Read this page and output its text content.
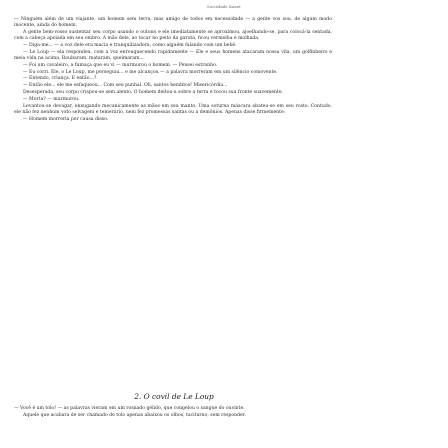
Sociedade Kanet

— Ninguém além de um viajante, um homem sem terra, mas amigo de todos em necessidade — a gente vos sou, de algum modo inocente, ainda do homem.

A gente bem-vosso sustentar seu corpo usando o outono e ele imediatamente se aproximou, ajoelhando-se, para colocá-la sentada, com a cabeça apoiada em seu ombro. A mão dele, ao tocar no peito da garota, ficou vermelha e molhada.

— Diga-me... — a voz dele era macia e tranquilizadora, como alguém falando com um bebê.

— Le Loup — ela respondeu, com a voz enrouquecendo rapidamente — Ele e seus homens atacaram nossa vila, um golfinheiro e meia vida na acima. Roubaram, mataram, queimaram...

— Foi um cavaleiro, a fumaça que eu vi — murmurou o homem. — Pensei estranho.

— Eu corri. Ele, o Le Loup, me perseguiu... e me alcançou — a palavra morreram em um silêncio comovente.

— Entendo, criança. E então...?

— Então ele... ele me esfaqueou... Com seu punhal. Oh, santos benditos! Misericórdia...

Desesperada, seu corpo crispou-se sem alento. O homem deitou-a sobre a terra e tocou sua fronte suavemente.

— Morta? — murmurou.

Levantou-se devagar, enxugando mecanicamente as mãos em seu manto. Uma soturna máscara abateu-se em seu rosto. Contudo, ele não fez nenhum voto selvagem e temerário, nem fez promessas santas ou a demônios. Apenas disse firmemente:

— Homem morreria por causa disso.

2. O covil de Le Loup

— Você é um tolo! — as palavras vieram em um rosnado gélido, que congelou o sangue do ouvinte.

Aquele que acabara de ser chamado de tolo apenas abaixou os olhos, taciturno, sem responder.
